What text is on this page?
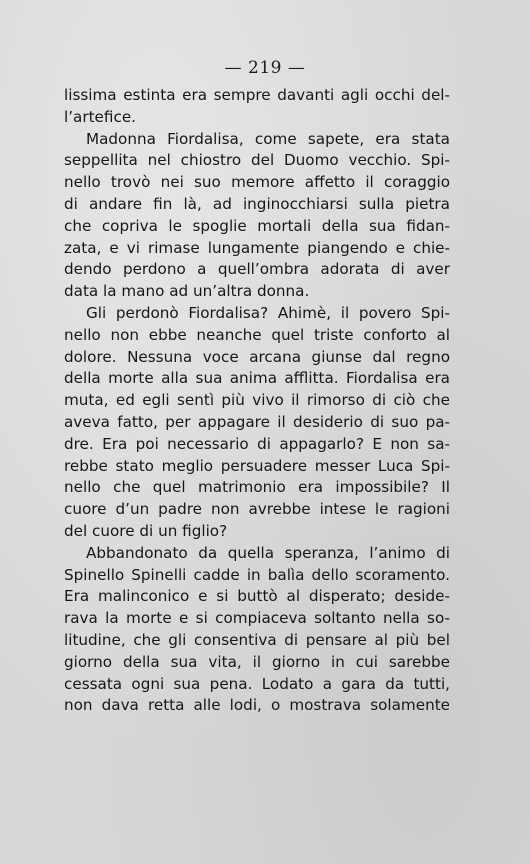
— 219 —
lissima estinta era sempre davanti agli occhi del-
l’artefice.
Madonna Fiordalisa, come sapete, era stata
seppellita nel chiostro del Duomo vecchio. Spi-
nello trovò nei suo memore affetto il coraggio
di andare fin là, ad inginocchiarsi sulla pietra
che copriva le spoglie mortali della sua fidan-
zata, e vi rimase lungamente piangendo e chie-
dendo perdono a quell’ombra adorata di aver
data la mano ad un’altra donna.
Gli perdonò Fiordalisa? Ahimè, il povero Spi-
nello non ebbe neanche quel triste conforto al
dolore. Nessuna voce arcana giunse dal regno
della morte alla sua anima afflitta. Fiordalisa era
muta, ed egli sentì più vivo il rimorso di ciò che
aveva fatto, per appagare il desiderio di suo pa-
dre. Era poi necessario di appagarlo? E non sa-
rebbe stato meglio persuadere messer Luca Spi-
nello che quel matrimonio era impossibile? Il
cuore d’un padre non avrebbe intese le ragioni
del cuore di un figlio?
Abbandonato da quella speranza, l’animo di
Spinello Spinelli cadde in balìa dello scoramento.
Era malinconico e si buttò al disperato; deside-
rava la morte e si compiaceva soltanto nella so-
litudine, che gli consentiva di pensare al più bel
giorno della sua vita, il giorno in cui sarebbe
cessata ogni sua pena. Lodato a gara da tutti,
non dava retta alle lodi, o mostrava solamente
